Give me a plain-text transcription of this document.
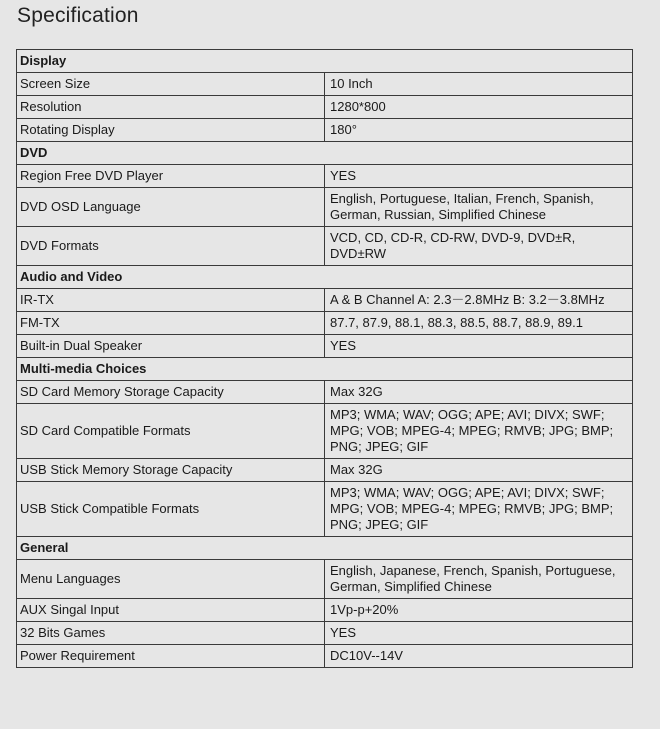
Specification
Display	
Screen Size	10 Inch
Resolution	1280*800
Rotating Display	180°
DVD	
Region Free DVD Player	YES
DVD OSD Language	English, Portuguese, Italian, French, Spanish,
German, Russian, Simplified Chinese
DVD Formats	VCD, CD, CD-R, CD-RW, DVD-9, DVD±R,
DVD±RW
Audio and Video	
IR-TX	A & B Channel A: 2.3－2.8MHz B: 3.2－3.8MHz
FM-TX	87.7, 87.9, 88.1, 88.3, 88.5, 88.7, 88.9, 89.1
Built-in Dual Speaker	YES
Multi-media Choices	
SD Card Memory Storage Capacity	Max 32G
SD Card Compatible Formats	MP3; WMA; WAV; OGG; APE; AVI; DIVX; SWF;
MPG; VOB; MPEG-4; MPEG; RMVB; JPG; BMP;
PNG; JPEG; GIF
USB Stick Memory Storage Capacity	Max 32G
USB Stick Compatible Formats	MP3; WMA; WAV; OGG; APE; AVI; DIVX; SWF;
MPG; VOB; MPEG-4; MPEG; RMVB; JPG; BMP;
PNG; JPEG; GIF
General	
Menu Languages	English, Japanese, French, Spanish, Portuguese,
German, Simplified Chinese
AUX Singal Input	1Vp-p+20%
32 Bits Games	YES
Power Requirement	DC10V--14V
